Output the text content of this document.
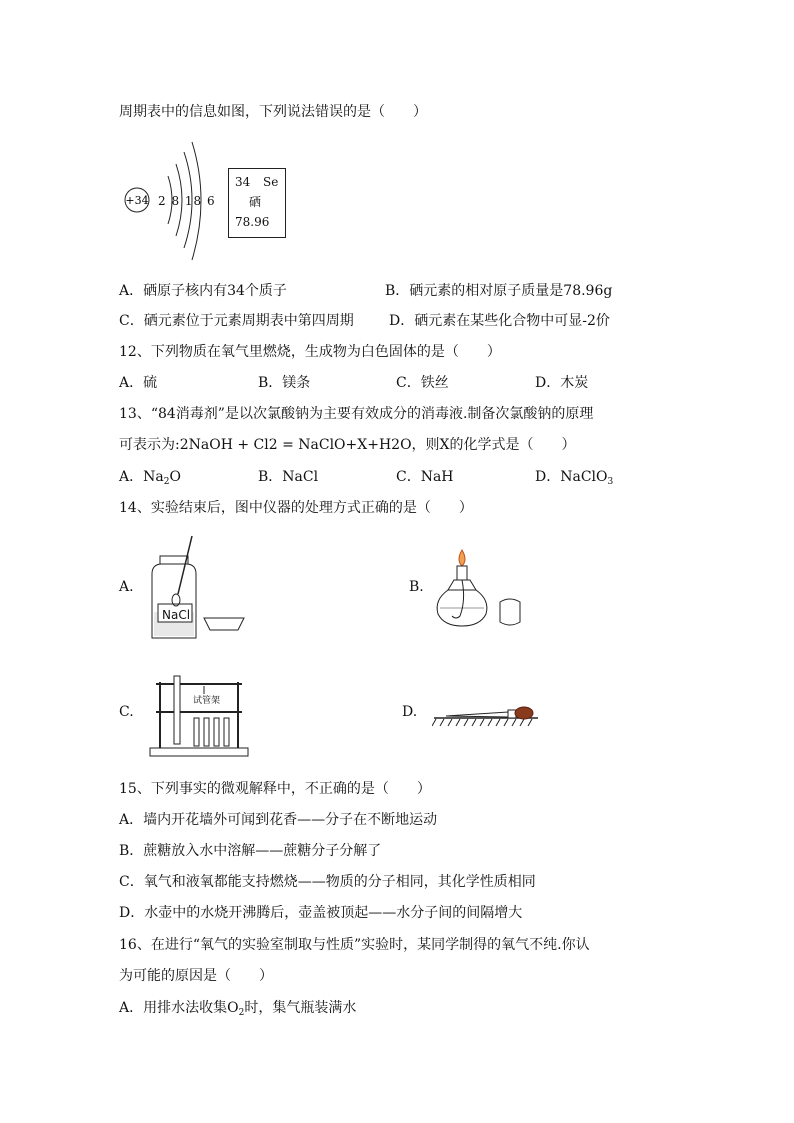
周期表中的信息如图，下列说法错误的是（　　）
+34 2 8 18 6
34 Se
硒
78.96
A．硒原子核内有34个质子	B．硒元素的相对原子质量是78.96g
C．硒元素位于元素周期表中第四周期	D．硒元素在某些化合物中可显-2价
12、下列物质在氧气里燃烧，生成物为白色固体的是（　　）
A．硫	B．镁条	C．铁丝	D．木炭
13、“84消毒剂”是以次氯酸钠为主要有效成分的消毒液.制备次氯酸钠的原理
可表示为:2NaOH + Cl2 = NaClO+X+H2O，则X的化学式是（　　）
A．$Na_2O$	B．NaCl	C．NaH	D．NaClO$_3$
14、实验结束后，图中仪器的处理方式正确的是（　　）
A.
NaCl
B.
C.
试管架
D.
15、下列事实的微观解释中，不正确的是（　　）
A．墙内开花墙外可闻到花香——分子在不断地运动
B．蔗糖放入水中溶解——蔗糖分子分解了
C．氧气和液氧都能支持燃烧——物质的分子相同，其化学性质相同
D．水壶中的水烧开沸腾后，壶盖被顶起——水分子间的间隔增大
16、在进行“氧气的实验室制取与性质”实验时，某同学制得的氧气不纯.你认
为可能的原因是（　　）
A．用排水法收集$O_2$时，集气瓶装满水
